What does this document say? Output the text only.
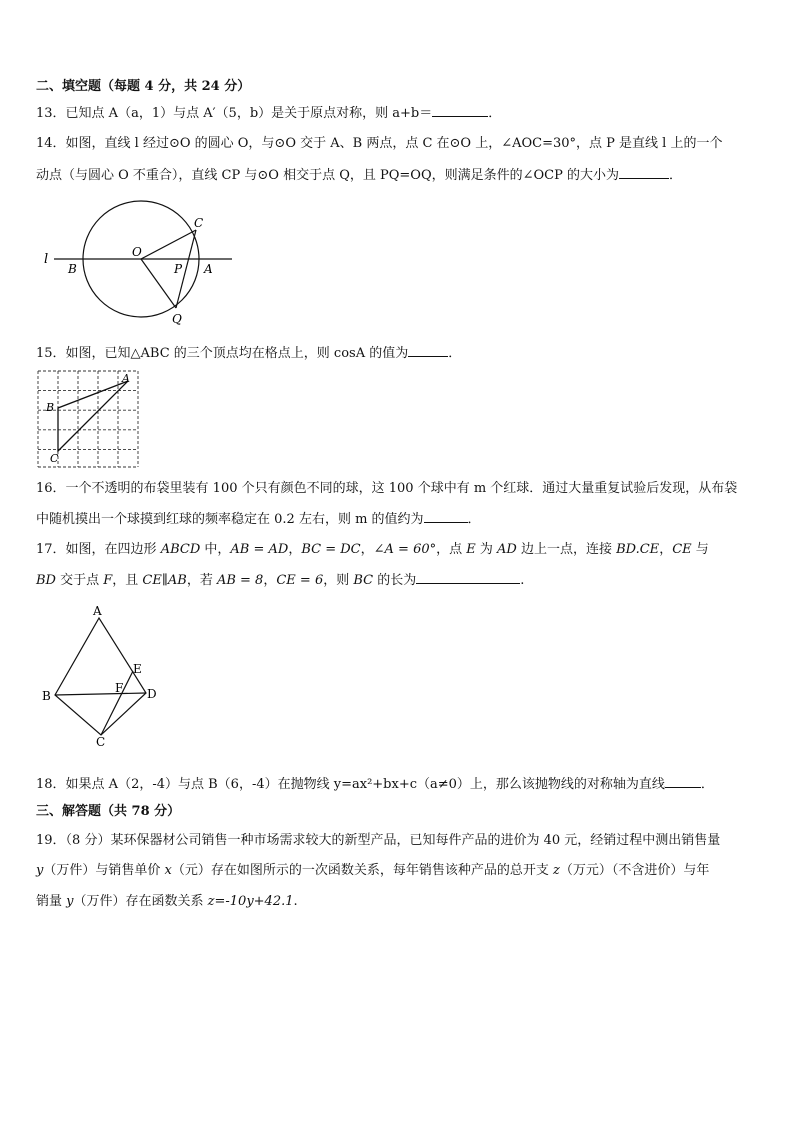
二、填空题（每题 4 分，共 24 分）
13．已知点 A（a，1）与点 A′（5，b）是关于原点对称，则 a+b＝	．
14．如图，直线 l 经过⊙O 的圆心 O，与⊙O 交于 A、B 两点，点 C 在⊙O 上，∠AOC=30°，点 P 是直线 l 上的一个
动点（与圆心 O 不重合），直线 CP 与⊙O 相交于点 Q，且 PQ=OQ，则满足条件的∠OCP 的大小为	．
l
B
O
C
P A
Q
15．如图，已知△ABC 的三个顶点均在格点上，则 cosA 的值为	．
A
B
C
16．一个不透明的布袋里装有 100 个只有颜色不同的球，这 100 个球中有 m 个红球．通过大量重复试验后发现，从布袋
中随机摸出一个球摸到红球的频率稳定在 0.2 左右，则 m 的值约为	．
17．如图，在四边形 ABCD 中，AB = AD，BC = DC，∠A = 60°，点 E 为 AD 边上一点，连接 BD.CE，CE 与
BD 交于点 F，且 CE∥AB，若 AB = 8，CE = 6，则 BC 的长为	.
A
B
C
D
E
F
18．如果点 A（2，-4）与点 B（6，-4）在抛物线 y=ax²+bx+c（a≠0）上，那么该抛物线的对称轴为直线	．
三、解答题（共 78 分）
19．（8 分）某环保器材公司销售一种市场需求较大的新型产品，已知每件产品的进价为 40 元，经销过程中测出销售量
y（万件）与销售单价 x（元）存在如图所示的一次函数关系，每年销售该种产品的总开支 z（万元）（不含进价）与年
销量 y（万件）存在函数关系 z=-10y+42.1.
